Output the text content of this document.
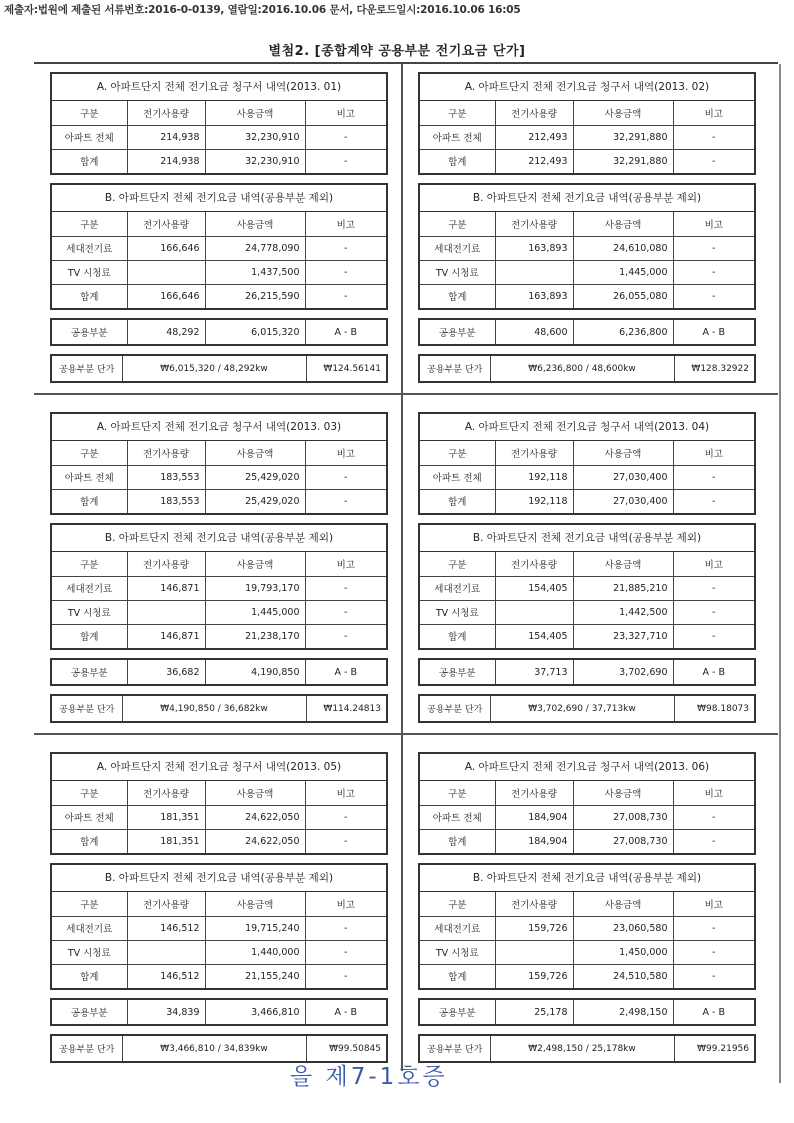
제출자:법원에 제출된 서류번호:2016-0-0139, 열람일:2016.10.06 문서, 다운로드일시:2016.10.06 16:05
별첨2. [종합계약 공용부분 전기요금 단가]
A. 아파트단지 전체 전기요금 청구서 내역(2013. 01)
구분	전기사용량	사용금액	비고
아파트 전체	214,938	32,230,910	-
합계	214,938	32,230,910	-
B. 아파트단지 전체 전기요금 내역(공용부분 제외)
구분	전기사용량	사용금액	비고
세대전기료	166,646	24,778,090	-
TV 시청료		1,437,500	-
합계	166,646	26,215,590	-
공용부분	48,292	6,015,320	A - B
공용부분 단가	₩6,015,320 / 48,292kw	₩124.56141
A. 아파트단지 전체 전기요금 청구서 내역(2013. 02)
구분	전기사용량	사용금액	비고
아파트 전체	212,493	32,291,880	-
합계	212,493	32,291,880	-
B. 아파트단지 전체 전기요금 내역(공용부분 제외)
구분	전기사용량	사용금액	비고
세대전기료	163,893	24,610,080	-
TV 시청료		1,445,000	-
합계	163,893	26,055,080	-
공용부분	48,600	6,236,800	A - B
공용부분 단가	₩6,236,800 / 48,600kw	₩128.32922
A. 아파트단지 전체 전기요금 청구서 내역(2013. 03)
구분	전기사용량	사용금액	비고
아파트 전체	183,553	25,429,020	-
합계	183,553	25,429,020	-
B. 아파트단지 전체 전기요금 내역(공용부분 제외)
구분	전기사용량	사용금액	비고
세대전기료	146,871	19,793,170	-
TV 시청료		1,445,000	-
합계	146,871	21,238,170	-
공용부분	36,682	4,190,850	A - B
공용부분 단가	₩4,190,850 / 36,682kw	₩114.24813
A. 아파트단지 전체 전기요금 청구서 내역(2013. 04)
구분	전기사용량	사용금액	비고
아파트 전체	192,118	27,030,400	-
합계	192,118	27,030,400	-
B. 아파트단지 전체 전기요금 내역(공용부분 제외)
구분	전기사용량	사용금액	비고
세대전기료	154,405	21,885,210	-
TV 시청료		1,442,500	-
합계	154,405	23,327,710	-
공용부분	37,713	3,702,690	A - B
공용부분 단가	₩3,702,690 / 37,713kw	₩98.18073
A. 아파트단지 전체 전기요금 청구서 내역(2013. 05)
구분	전기사용량	사용금액	비고
아파트 전체	181,351	24,622,050	-
합계	181,351	24,622,050	-
B. 아파트단지 전체 전기요금 내역(공용부분 제외)
구분	전기사용량	사용금액	비고
세대전기료	146,512	19,715,240	-
TV 시청료		1,440,000	-
합계	146,512	21,155,240	-
공용부분	34,839	3,466,810	A - B
공용부분 단가	₩3,466,810 / 34,839kw	₩99.50845
A. 아파트단지 전체 전기요금 청구서 내역(2013. 06)
구분	전기사용량	사용금액	비고
아파트 전체	184,904	27,008,730	-
합계	184,904	27,008,730	-
B. 아파트단지 전체 전기요금 내역(공용부분 제외)
구분	전기사용량	사용금액	비고
세대전기료	159,726	23,060,580	-
TV 시청료		1,450,000	-
합계	159,726	24,510,580	-
공용부분	25,178	2,498,150	A - B
공용부분 단가	₩2,498,150 / 25,178kw	₩99.21956
을 제7-1호증
